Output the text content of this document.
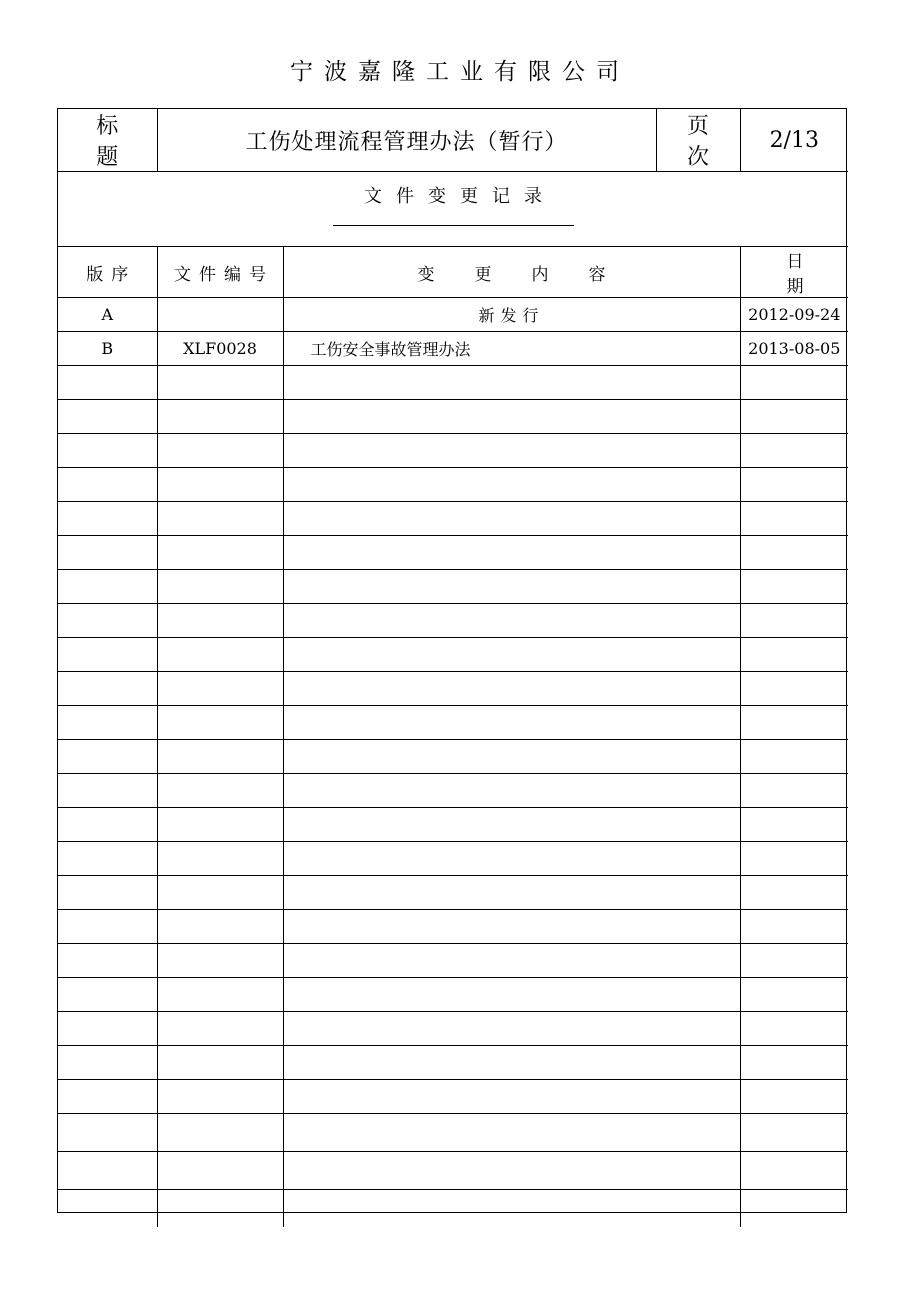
宁波嘉隆工业有限公司
标题	工伤处理流程管理办法（暂行）		页次	2/13

文件变更记录				

版序	文件编号	变更内容		日期
A		新发行		2012-09-24
B	XLF0028	工伤安全事故管理办法		2013-08-05
